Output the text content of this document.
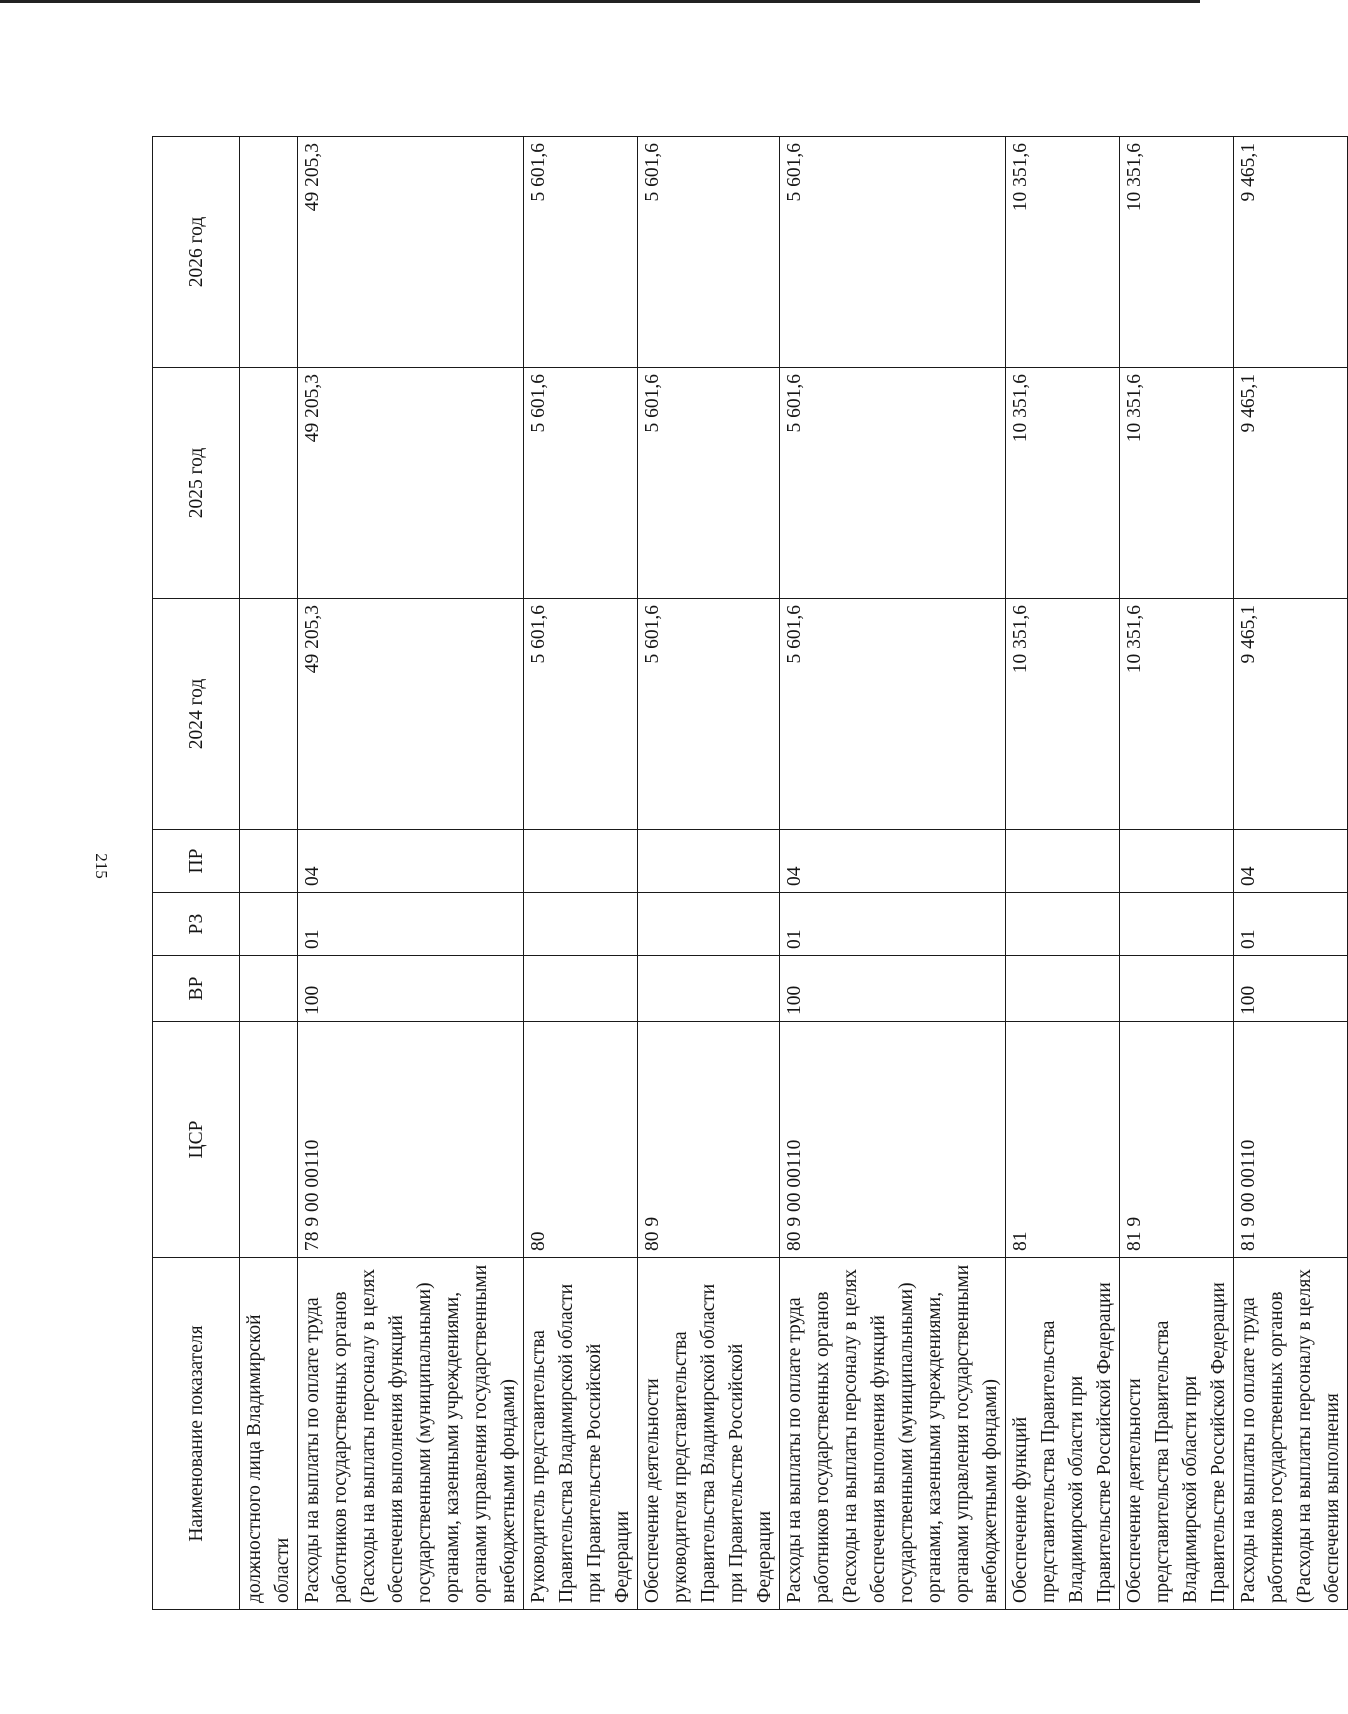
215
Наименование показателя	ЦСР	ВР	РЗ	ПР	2024 год	2025 год	2026 год
должностного лица Владимирской области							
Расходы на выплаты по оплате труда работников государственных органов (Расходы на выплаты персоналу в целях обеспечения выполнения функций государственными (муниципальными) органами, казенными учреждениями, органами управления государственными внебюджетными фондами)	78 9 00 00110	100	01	04	49 205,3	49 205,3	49 205,3
Руководитель представительства Правительства Владимирской области при Правительстве Российской Федерации	80				5 601,6	5 601,6	5 601,6
Обеспечение деятельности руководителя представительства Правительства Владимирской области при Правительстве Российской Федерации	80 9				5 601,6	5 601,6	5 601,6
Расходы на выплаты по оплате труда работников государственных органов (Расходы на выплаты персоналу в целях обеспечения выполнения функций государственными (муниципальными) органами, казенными учреждениями, органами управления государственными внебюджетными фондами)	80 9 00 00110	100	01	04	5 601,6	5 601,6	5 601,6
Обеспечение функций представительства Правительства Владимирской области при Правительстве Российской Федерации	81				10 351,6	10 351,6	10 351,6
Обеспечение деятельности представительства Правительства Владимирской области при Правительстве Российской Федерации	81 9				10 351,6	10 351,6	10 351,6
Расходы на выплаты по оплате труда работников государственных органов (Расходы на выплаты персоналу в целях обеспечения выполнения	81 9 00 00110	100	01	04	9 465,1	9 465,1	9 465,1
